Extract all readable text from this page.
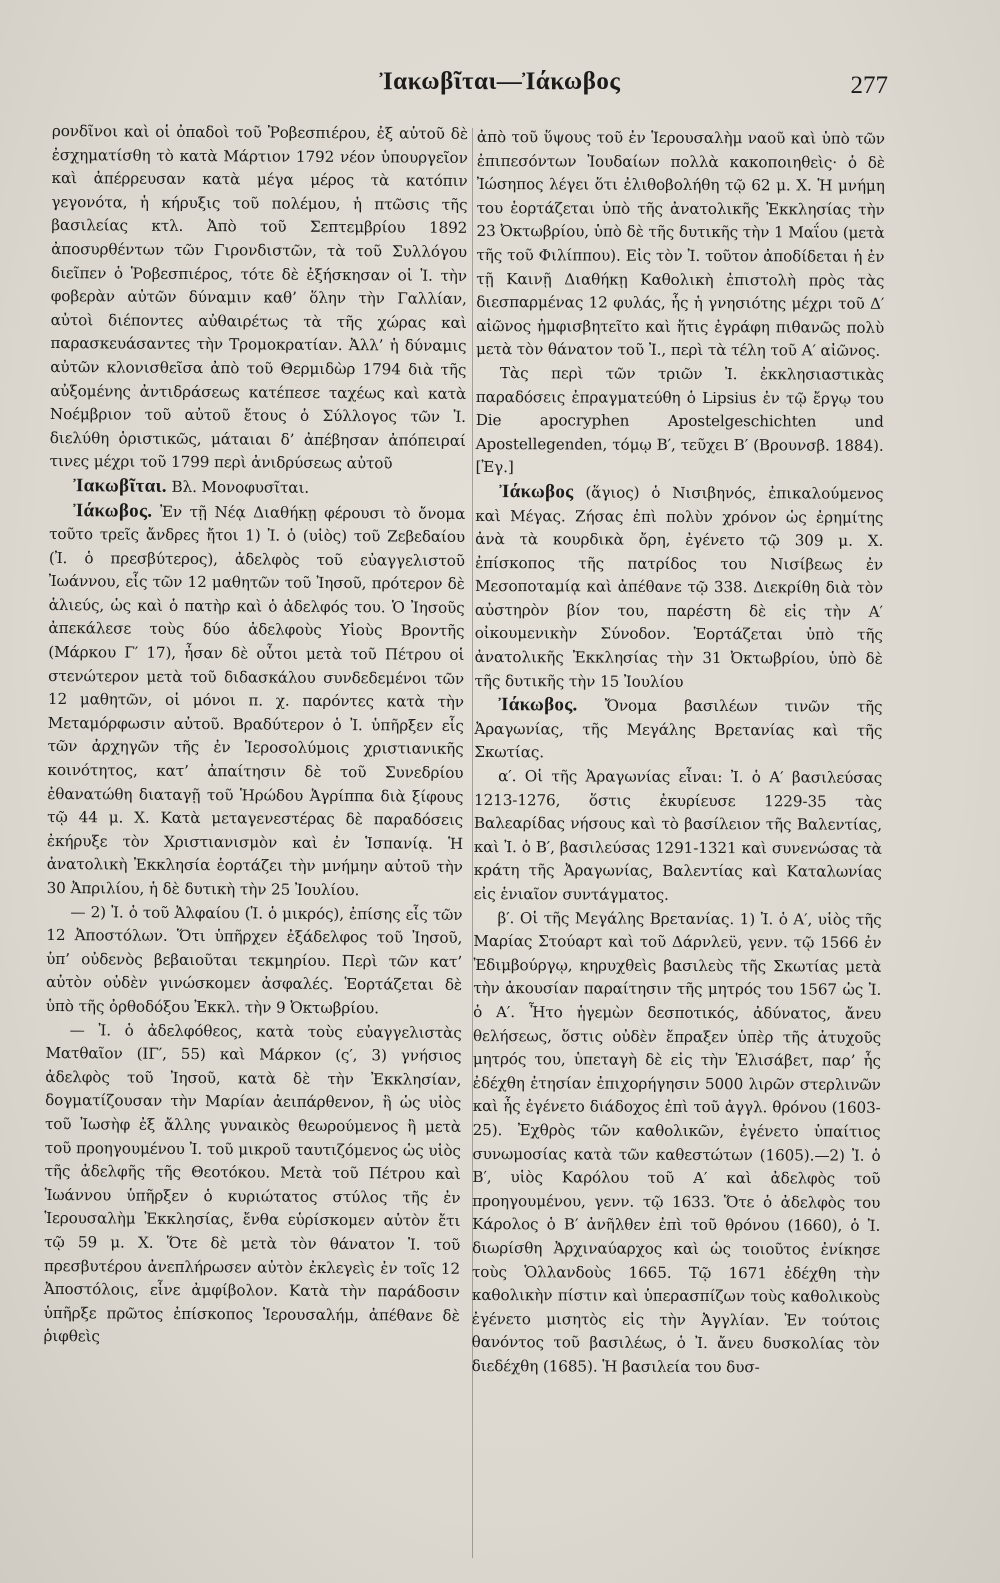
Ἰακωβῖται—Ἰάκωβος	277

ρονδῖνοι καὶ οἱ ὀπαδοὶ τοῦ Ῥοβεσπιέρου, ἐξ αὐτοῦ δὲ ἐσχηματίσθη τὸ κατὰ Μάρτιον 1792 νέον ὑπουργεῖον καὶ ἀπέρρευσαν κατὰ μέγα μέρος τὰ κατόπιν γεγονότα, ἡ κήρυξις τοῦ πολέμου, ἡ πτῶσις τῆς βασιλείας κτλ. Ἀπὸ τοῦ Σεπτεμβρίου 1892 ἀποσυρθέντων τῶν Γιρονδιστῶν, τὰ τοῦ Συλλόγου διεῖπεν ὁ Ῥοβεσπιέρος, τότε δὲ ἐξήσκησαν οἱ Ἰ. τὴν φοβερὰν αὐτῶν δύναμιν καθ’ ὅλην τὴν Γαλλίαν, αὐτοὶ διέποντες αὐθαιρέτως τὰ τῆς χώρας καὶ παρασκευάσαντες τὴν Τρομοκρατίαν. Ἀλλ’ ἡ δύναμις αὐτῶν κλονισθεῖσα ἀπὸ τοῦ Θερμιδὼρ 1794 διὰ τῆς αὐξομένης ἀντιδράσεως κατέπεσε ταχέως καὶ κατὰ Νοέμβριον τοῦ αὐτοῦ ἔτους ὁ Σύλλογος τῶν Ἰ. διελύθη ὁριστικῶς, μάταιαι δ’ ἀπέβησαν ἀπόπειραί τινες μέχρι τοῦ 1799 περὶ ἀνιδρύσεως αὐτοῦ

Ἰακωβῖται. Βλ. Μονοφυσῖται.

Ἰάκωβος. Ἐν τῇ Νέᾳ Διαθήκῃ φέρουσι τὸ ὄνομα τοῦτο τρεῖς ἄνδρες ἤτοι 1) Ἰ. ὁ (υἱὸς) τοῦ Ζεβεδαίου (Ἰ. ὁ πρεσβύτερος), ἀδελφὸς τοῦ εὐαγγελιστοῦ Ἰωάννου, εἷς τῶν 12 μαθητῶν τοῦ Ἰησοῦ, πρότερον δὲ ἁλιεύς, ὡς καὶ ὁ πατὴρ καὶ ὁ ἀδελφός του. Ὁ Ἰησοῦς ἀπεκάλεσε τοὺς δύο ἀδελφοὺς Υἱοὺς Βροντῆς (Μάρκου Γ′ 17), ἦσαν δὲ οὗτοι μετὰ τοῦ Πέτρου οἱ στενώτερον μετὰ τοῦ διδασκάλου συνδεδεμένοι τῶν 12 μαθητῶν, οἱ μόνοι π. χ. παρόντες κατὰ τὴν Μεταμόρφωσιν αὐτοῦ. Βραδύτερον ὁ Ἰ. ὑπῆρξεν εἷς τῶν ἀρχηγῶν τῆς ἐν Ἱεροσολύμοις χριστιανικῆς κοινότητος, κατ’ ἀπαίτησιν δὲ τοῦ Συνεδρίου ἐθανατώθη διαταγῇ τοῦ Ἡρώδου Ἀγρίππα διὰ ξίφους τῷ 44 μ. Χ. Κατὰ μεταγενεστέρας δὲ παραδόσεις ἐκήρυξε τὸν Χριστιανισμὸν καὶ ἐν Ἱσπανίᾳ. Ἡ ἀνατολικὴ Ἐκκλησία ἑορτάζει τὴν μνήμην αὐτοῦ τὴν 30 Ἀπριλίου, ἡ δὲ δυτικὴ τὴν 25 Ἰουλίου.

— 2) Ἰ. ὁ τοῦ Ἀλφαίου (Ἰ. ὁ μικρός), ἐπίσης εἷς τῶν 12 Ἀποστόλων. Ὅτι ὑπῆρχεν ἐξάδελφος τοῦ Ἰησοῦ, ὑπ’ οὐδενὸς βεβαιοῦται τεκμηρίου. Περὶ τῶν κατ’ αὐτὸν οὐδὲν γινώσκομεν ἀσφαλές. Ἑορτάζεται δὲ ὑπὸ τῆς ὀρθοδόξου Ἐκκλ. τὴν 9 Ὀκτωβρίου.

— Ἰ. ὁ ἀδελφόθεος, κατὰ τοὺς εὐαγγελιστὰς Ματθαῖον (ΙΓ′, 55) καὶ Μάρκον (ς′, 3) γνήσιος ἀδελφὸς τοῦ Ἰησοῦ, κατὰ δὲ τὴν Ἐκκλησίαν, δογματίζουσαν τὴν Μαρίαν ἀειπάρθενον, ἢ ὡς υἱὸς τοῦ Ἰωσὴφ ἐξ ἄλλης γυναικὸς θεωρούμενος ἢ μετὰ τοῦ προηγουμένου Ἰ. τοῦ μικροῦ ταυτιζόμενος ὡς υἱὸς τῆς ἀδελφῆς τῆς Θεοτόκου. Μετὰ τοῦ Πέτρου καὶ Ἰωάννου ὑπῆρξεν ὁ κυριώτατος στύλος τῆς ἐν Ἱερουσαλὴμ Ἐκκλησίας, ἔνθα εὑρίσκομεν αὐτὸν ἔτι τῷ 59 μ. Χ. Ὅτε δὲ μετὰ τὸν θάνατον Ἰ. τοῦ πρεσβυτέρου ἀνεπλήρωσεν αὐτὸν ἐκλεγεὶς ἐν τοῖς 12 Ἀποστόλοις, εἶνε ἀμφίβολον. Κατὰ τὴν παράδοσιν ὑπῆρξε πρῶτος ἐπίσκοπος Ἱερουσαλήμ, ἀπέθανε δὲ ῥιφθεὶς

ἀπὸ τοῦ ὕψους τοῦ ἐν Ἱερουσαλὴμ ναοῦ καὶ ὑπὸ τῶν ἐπιπεσόντων Ἰουδαίων πολλὰ κακοποιηθεὶς· ὁ δὲ Ἰώσηπος λέγει ὅτι ἐλιθοβολήθη τῷ 62 μ. Χ. Ἡ μνήμη του ἑορτάζεται ὑπὸ τῆς ἀνατολικῆς Ἐκκλησίας τὴν 23 Ὀκτωβρίου, ὑπὸ δὲ τῆς δυτικῆς τὴν 1 Μαΐου (μετὰ τῆς τοῦ Φιλίππου). Εἰς τὸν Ἰ. τοῦτον ἀποδίδεται ἡ ἐν τῇ Καινῇ Διαθήκῃ Καθολικὴ ἐπιστολὴ πρὸς τὰς διεσπαρμένας 12 φυλάς, ἧς ἡ γνησιότης μέχρι τοῦ Δ′ αἰῶνος ἠμφισβητεῖτο καὶ ἥτις ἐγράφη πιθανῶς πολὺ μετὰ τὸν θάνατον τοῦ Ἰ., περὶ τὰ τέλη τοῦ Α′ αἰῶνος.

Τὰς περὶ τῶν τριῶν Ἰ. ἐκκλησιαστικὰς παραδόσεις ἐπραγματεύθη ὁ Lipsius ἐν τῷ ἔργῳ του Die apocryphen Apostelgeschichten und Apostellegenden, τόμῳ Β′, τεῦχει Β′ (Βρουνσβ. 1884). [Ἐγ.]

Ἰάκωβος (ἅγιος) ὁ Νισιβηνός, ἐπικαλούμενος καὶ Μέγας. Ζήσας ἐπὶ πολὺν χρόνον ὡς ἐρημίτης ἀνὰ τὰ κουρδικὰ ὄρη, ἐγένετο τῷ 309 μ. Χ. ἐπίσκοπος τῆς πατρίδος του Νισίβεως ἐν Μεσοποταμίᾳ καὶ ἀπέθανε τῷ 338. Διεκρίθη διὰ τὸν αὐστηρὸν βίον του, παρέστη δὲ εἰς τὴν Α′ οἰκουμενικὴν Σύνοδον. Ἑορτάζεται ὑπὸ τῆς ἀνατολικῆς Ἐκκλησίας τὴν 31 Ὀκτωβρίου, ὑπὸ δὲ τῆς δυτικῆς τὴν 15 Ἰουλίου

Ἰάκωβος. Ὄνομα βασιλέων τινῶν τῆς Ἀραγωνίας, τῆς Μεγάλης Βρετανίας καὶ τῆς Σκωτίας.

α′. Οἱ τῆς Ἀραγωνίας εἶναι: Ἰ. ὁ Α′ βασιλεύσας 1213-1276, ὅστις ἐκυρίευσε 1229-35 τὰς Βαλεαρίδας νήσους καὶ τὸ βασίλειον τῆς Βαλεντίας, καὶ Ἰ. ὁ Β′, βασιλεύσας 1291-1321 καὶ συνενώσας τὰ κράτη τῆς Ἀραγωνίας, Βαλεντίας καὶ Καταλωνίας εἰς ἑνιαῖον συντάγματος.

β′. Οἱ τῆς Μεγάλης Βρετανίας. 1) Ἰ. ὁ Α′, υἱὸς τῆς Μαρίας Στούαρτ καὶ τοῦ Δάρνλεϋ, γενν. τῷ 1566 ἐν Ἐδιμβούργῳ, κηρυχθεὶς βασιλεὺς τῆς Σκωτίας μετὰ τὴν ἀκουσίαν παραίτησιν τῆς μητρός του 1567 ὡς Ἰ. ὁ Α′. Ἦτο ἡγεμὼν δεσποτικός, ἀδύνατος, ἄνευ θελήσεως, ὅστις οὐδὲν ἔπραξεν ὑπὲρ τῆς ἀτυχοῦς μητρός του, ὑπεταγὴ δὲ εἰς τὴν Ἐλισάβετ, παρ’ ἧς ἐδέχθη ἐτησίαν ἐπιχορήγησιν 5000 λιρῶν στερλινῶν καὶ ἧς ἐγένετο διάδοχος ἐπὶ τοῦ ἀγγλ. θρόνου (1603-25). Ἐχθρὸς τῶν καθολικῶν, ἐγένετο ὑπαίτιος συνωμοσίας κατὰ τῶν καθεστώτων (1605).—2) Ἰ. ὁ Β′, υἱὸς Καρόλου τοῦ Α′ καὶ ἀδελφὸς τοῦ προηγουμένου, γενν. τῷ 1633. Ὅτε ὁ ἀδελφὸς του Κάρολος ὁ Β′ ἀνῆλθεν ἐπὶ τοῦ θρόνου (1660), ὁ Ἰ. διωρίσθη Ἀρχιναύαρχος καὶ ὡς τοιοῦτος ἐνίκησε τοὺς Ὁλλανδοὺς 1665. Τῷ 1671 ἐδέχθη τὴν καθολικὴν πίστιν καὶ ὑπερασπίζων τοὺς καθολικοὺς ἐγένετο μισητὸς εἰς τὴν Ἀγγλίαν. Ἐν τούτοις θανόντος τοῦ βασιλέως, ὁ Ἰ. ἄνευ δυσκολίας τὸν διεδέχθη (1685). Ἡ βασιλεία του δυσ-
